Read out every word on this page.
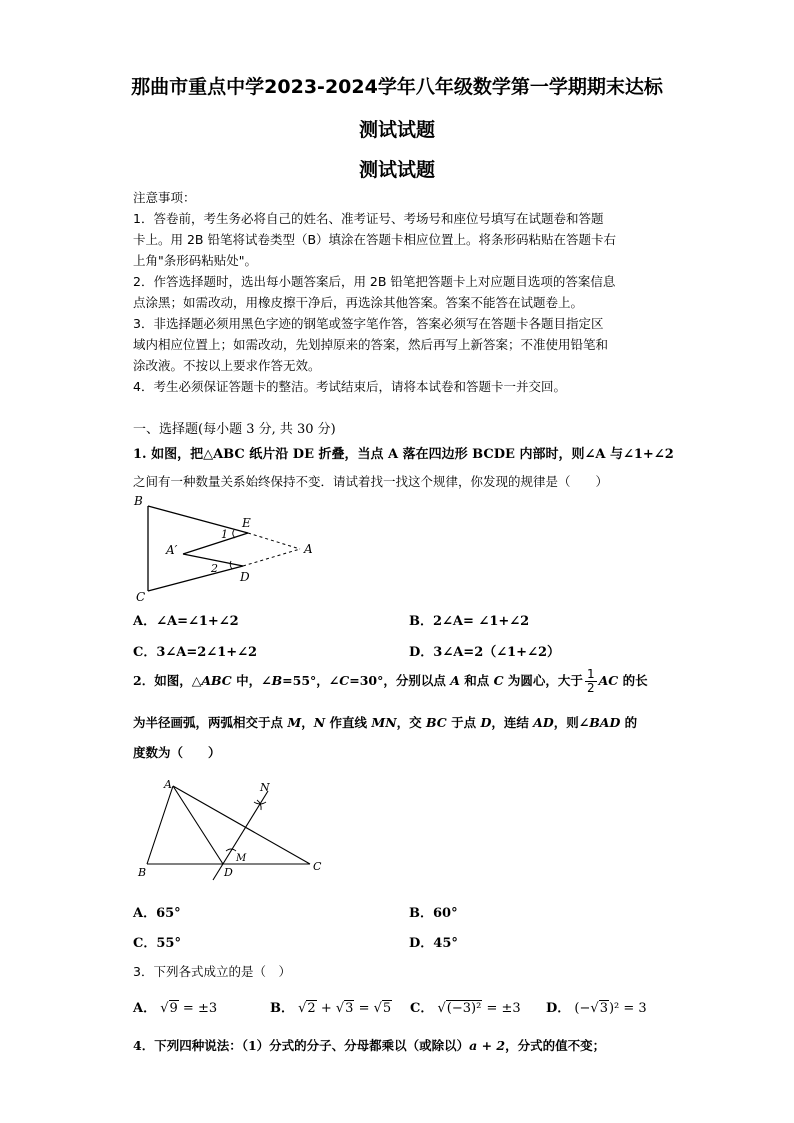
那曲市重点中学2023-2024学年八年级数学第一学期期末达标
测试试题
测试试题
注意事项：
1．答卷前，考生务必将自己的姓名、准考证号、考场号和座位号填写在试题卷和答题
卡上。用 2B 铅笔将试卷类型（B）填涂在答题卡相应位置上。将条形码粘贴在答题卡右
上角"条形码粘贴处"。
2．作答选择题时，选出每小题答案后，用 2B 铅笔把答题卡上对应题目选项的答案信息
点涂黑；如需改动，用橡皮擦干净后，再选涂其他答案。答案不能答在试题卷上。
3．非选择题必须用黑色字迹的钢笔或签字笔作答，答案必须写在答题卡各题目指定区
域内相应位置上；如需改动，先划掉原来的答案，然后再写上新答案；不准使用铅笔和
涂改液。不按以上要求作答无效。
4．考生必须保证答题卡的整洁。考试结束后，请将本试卷和答题卡一并交回。
一、选择题(每小题 3 分, 共 30 分)
1. 如图，把△ABC 纸片沿 DE 折叠，当点 A 落在四边形 BCDE 内部时，则∠A 与∠1+∠2
之间有一种数量关系始终保持不变．请试着找一找这个规律，你发现的规律是（　　）
B
C
E
D
A
A′
1
2
A．∠A=∠1+∠2	B．2∠A= ∠1+∠2
C．3∠A=2∠1+∠2	D．3∠A=2（∠1+∠2）
2．如图，△ABC 中，∠B=55°，∠C=30°，分别以点 A 和点 C 为圆心，大于 $\frac{1}{2}$ AC 的长
为半径画弧，两弧相交于点 M，N 作直线 MN，交 BC 于点 D，连结 AD，则∠BAD 的
度数为（　　）
A
B	C
D
M
N
A．65°	B．60°
C．55°	D．45°
3．下列各式成立的是（　）
A． √9 = ±3	B． √2 + √3 = √5 C． √(−3)² = ±3 D． (−√3)² = 3
4．下列四种说法：（1）分式的分子、分母都乘以（或除以）a + 2，分式的值不变；
